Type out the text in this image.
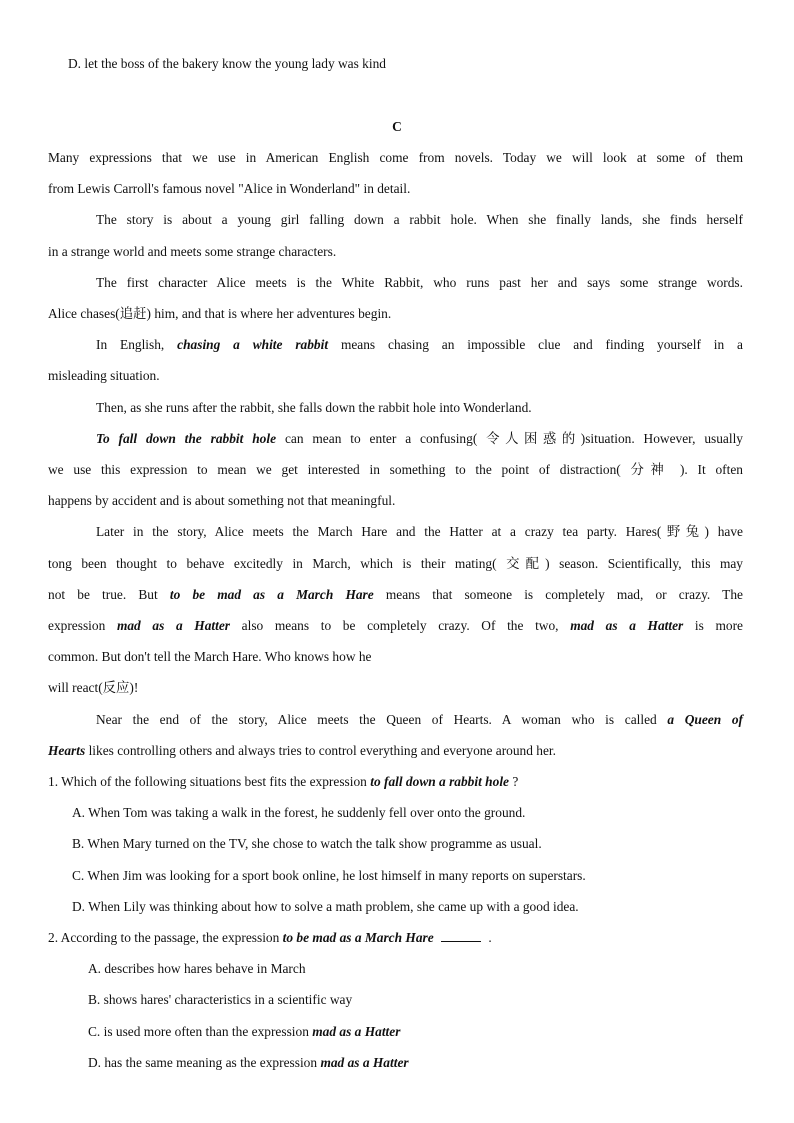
D. let the boss of the bakery know the young lady was kind
C
Many expressions that we use in American English come from novels. Today we will look at some of them
from Lewis Carroll's famous novel "Alice in Wonderland" in detail.
The story is about a young girl falling down a rabbit hole. When she finally lands, she finds herself
in a strange world and meets some strange characters.
The first character Alice meets is the White Rabbit, who runs past her and says some strange words.
Alice chases(追赶) him, and that is where her adventures begin.
In English, chasing a white rabbit means chasing an impossible clue and finding yourself in a
misleading situation.
Then, as she runs after the rabbit, she falls down the rabbit hole into Wonderland.
To fall down the rabbit hole can mean to enter a confusing( 令人困惑的)situation. However, usually
we use this expression to mean we get interested in something to the point of distraction( 分神 ). It often
happens by accident and is about something not that meaningful.
Later in the story, Alice meets the March Hare and the Hatter at a crazy tea party. Hares(野兔) have
tong been thought to behave excitedly in March, which is their mating( 交配) season. Scientifically, this may
not be true. But to be mad as a March Hare means that someone is completely mad, or crazy. The
expression mad as a Hatter also means to be completely crazy. Of the two, mad as a Hatter is more
common. But don't tell the March Hare. Who knows how he
will react(反应)!
Near the end of the story, Alice meets the Queen of Hearts. A woman who is called a Queen of
Hearts likes controlling others and always tries to control everything and everyone around her.
1. Which of the following situations best fits the expression to fall down a rabbit hole ?
A. When Tom was taking a walk in the forest, he suddenly fell over onto the ground.
B. When Mary turned on the TV, she chose to watch the talk show programme as usual.
C. When Jim was looking for a sport book online, he lost himself in many reports on superstars.
D. When Lily was thinking about how to solve a math problem, she came up with a good idea.
2. According to the passage, the expression to be mad as a March Hare	.
A. describes how hares behave in March
B. shows hares' characteristics in a scientific way
C. is used more often than the expression mad as a Hatter
D. has the same meaning as the expression mad as a Hatter
